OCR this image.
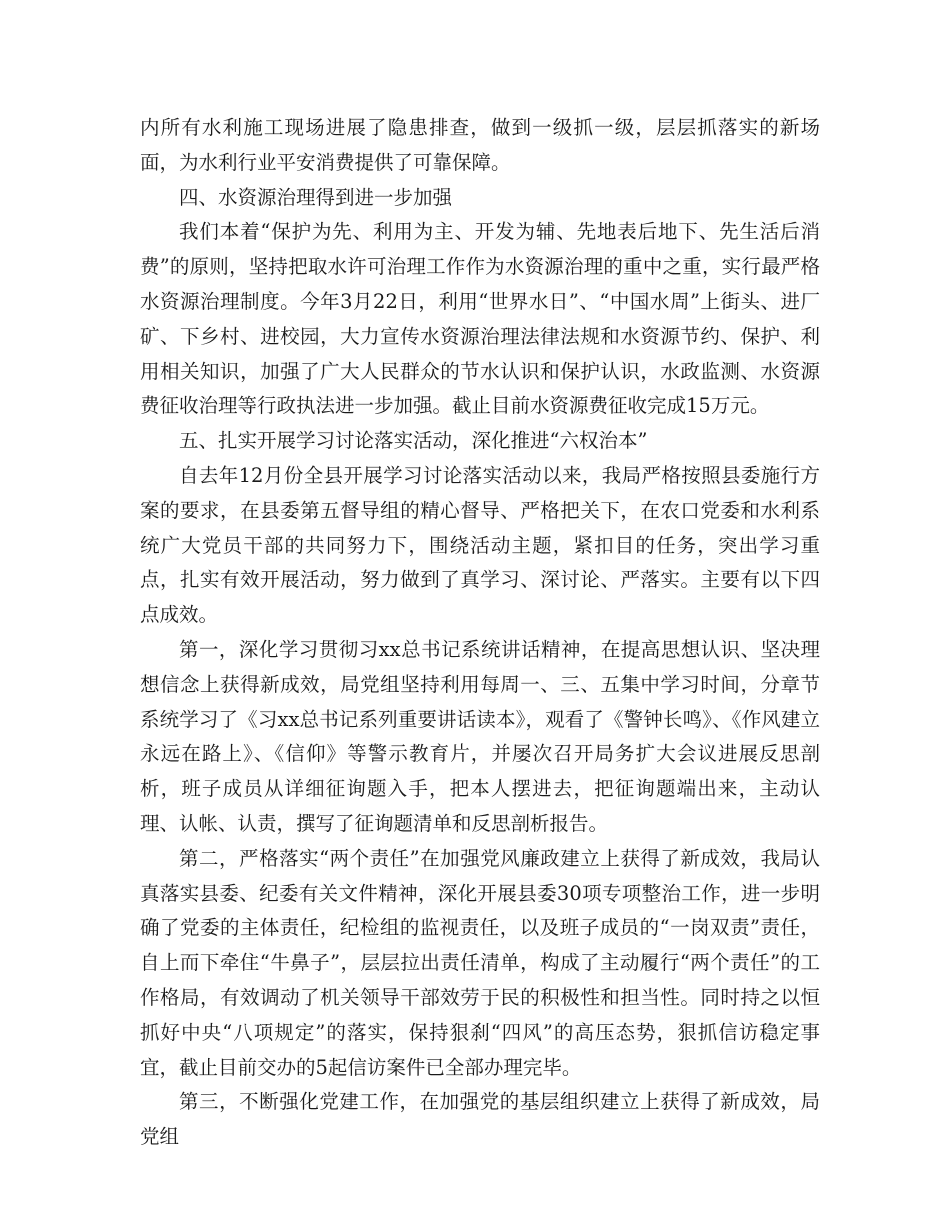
内所有水利施工现场进展了隐患排查，做到一级抓一级，层层抓落实的新场面，为水利行业平安消费提供了可靠保障。

四、水资源治理得到进一步加强

我们本着“保护为先、利用为主、开发为辅、先地表后地下、先生活后消费”的原则，坚持把取水许可治理工作作为水资源治理的重中之重，实行最严格水资源治理制度。今年3月22日，利用“世界水日”、“中国水周”上街头、进厂矿、下乡村、进校园，大力宣传水资源治理法律法规和水资源节约、保护、利用相关知识，加强了广大人民群众的节水认识和保护认识，水政监测、水资源费征收治理等行政执法进一步加强。截止目前水资源费征收完成15万元。

五、扎实开展学习讨论落实活动，深化推进“六权治本”

自去年12月份全县开展学习讨论落实活动以来，我局严格按照县委施行方案的要求，在县委第五督导组的精心督导、严格把关下，在农口党委和水利系统广大党员干部的共同努力下，围绕活动主题，紧扣目的任务，突出学习重点，扎实有效开展活动，努力做到了真学习、深讨论、严落实。主要有以下四点成效。

第一，深化学习贯彻习xx总书记系统讲话精神，在提高思想认识、坚决理想信念上获得新成效，局党组坚持利用每周一、三、五集中学习时间，分章节系统学习了《习xx总书记系列重要讲话读本》，观看了《警钟长鸣》、《作风建立永远在路上》、《信仰》等警示教育片，并屡次召开局务扩大会议进展反思剖析，班子成员从详细征询题入手，把本人摆进去，把征询题端出来，主动认理、认帐、认责，撰写了征询题清单和反思剖析报告。

第二，严格落实“两个责任”在加强党风廉政建立上获得了新成效，我局认真落实县委、纪委有关文件精神，深化开展县委30项专项整治工作，进一步明确了党委的主体责任，纪检组的监视责任，以及班子成员的“一岗双责”责任，自上而下牵住“牛鼻子”，层层拉出责任清单，构成了主动履行“两个责任”的工作格局，有效调动了机关领导干部效劳于民的积极性和担当性。同时持之以恒抓好中央“八项规定”的落实，保持狠刹“四风”的高压态势，狠抓信访稳定事宜，截止目前交办的5起信访案件已全部办理完毕。

第三，不断强化党建工作，在加强党的基层组织建立上获得了新成效，局党组
